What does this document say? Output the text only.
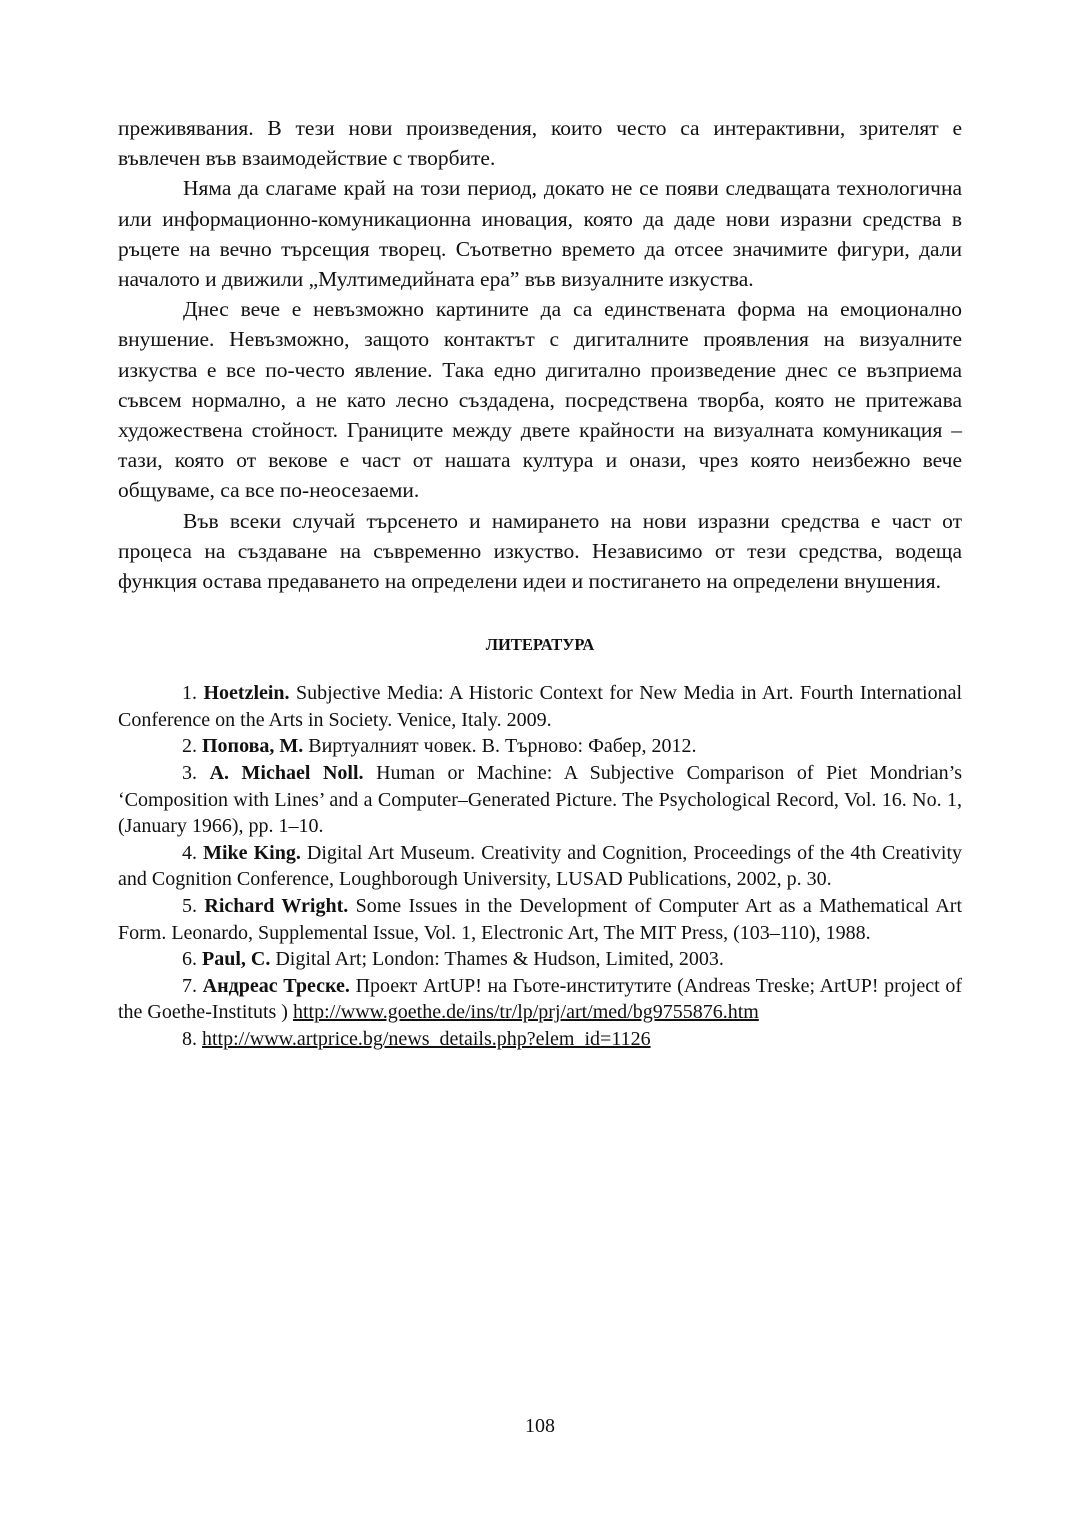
преживявания. В тези нови произведения, които често са интерактивни, зрителят е въвлечен във взаимодействие с творбите.

Няма да слагаме край на този период, докато не се появи следващата технологична или информационно-комуникационна иновация, която да даде нови изразни средства в ръцете на вечно търсещия творец. Съответно времето да отсее значимите фигури, дали началото и движили „Мултимедийната ера” във визуалните изкуства.

Днес вече е невъзможно картините да са единствената форма на емоционално внушение. Невъзможно, защото контактът с дигиталните проявления на визуалните изкуства е все по-често явление. Така едно дигитално произведение днес се възприема съвсем нормално, а не като лесно създадена, посредствена творба, която не притежава художествена стойност. Границите между двете крайности на визуалната комуникация – тази, която от векове е част от нашата култура и онази, чрез която неизбежно вече общуваме, са все по-неосезаеми.

Във всеки случай търсенето и намирането на нови изразни средства е част от процеса на създаване на съвременно изкуство. Независимо от тези средства, водеща функция остава предаването на определени идеи и постигането на определени внушения.

ЛИТЕРАТУРА
1. Hoetzlein. Subjective Media: A Historic Context for New Media in Art. Fourth International Conference on the Arts in Society. Venice, Italy. 2009.
2. Попова, М. Виртуалният човек. В. Търново: Фабер, 2012.
3. A. Michael Noll. Human or Machine: A Subjective Comparison of Piet Mondrian’s ‘Composition with Lines’ and a Computer–Generated Picture. The Psychological Record, Vol. 16. No. 1, (January 1966), pp. 1–10.
4. Mike King. Digital Art Museum. Creativity and Cognition, Proceedings of the 4th Creativity and Cognition Conference, Loughborough University, LUSAD Publications, 2002, p. 30.
5. Richard Wright. Some Issues in the Development of Computer Art as a Mathematical Art Form. Leonardo, Supplemental Issue, Vol. 1, Electronic Art, The MIT Press, (103–110), 1988.
6. Paul, C. Digital Art; London: Thames & Hudson, Limited, 2003.
7. Андреас Треске. Проект ArtUP! на Гьоте-институтите (Andreas Treske; ArtUP! project of the Goethe-Instituts ) http://www.goethe.de/ins/tr/lp/prj/art/med/bg9755876.htm
8. http://www.artprice.bg/news_details.php?elem_id=1126
108
